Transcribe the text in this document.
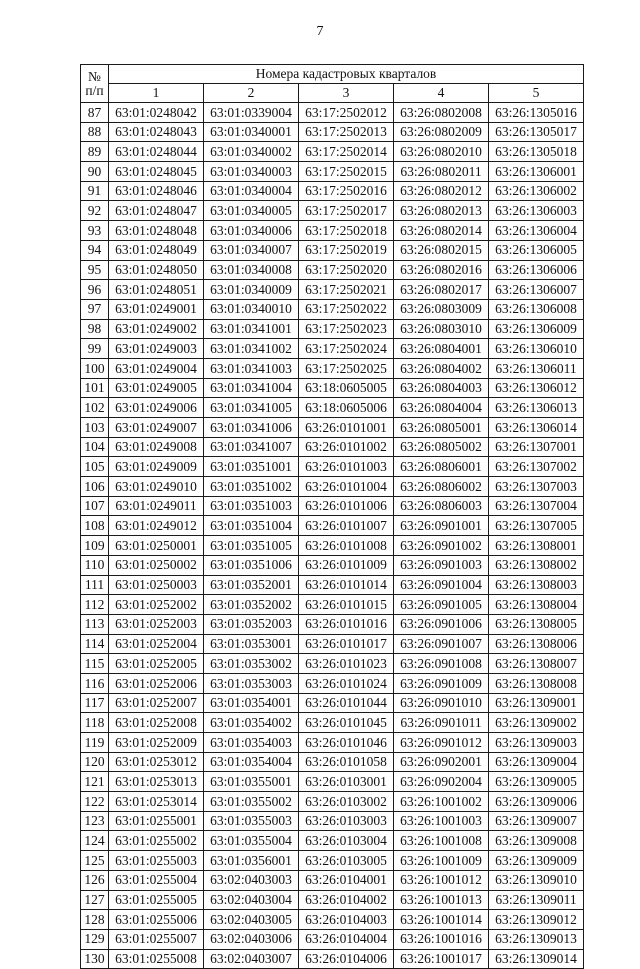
7
№
п/п	Номера кадастровых кварталов				
	1	2	3	4	5
87	63:01:0248042	63:01:0339004	63:17:2502012	63:26:0802008	63:26:1305016
88	63:01:0248043	63:01:0340001	63:17:2502013	63:26:0802009	63:26:1305017
89	63:01:0248044	63:01:0340002	63:17:2502014	63:26:0802010	63:26:1305018
90	63:01:0248045	63:01:0340003	63:17:2502015	63:26:0802011	63:26:1306001
91	63:01:0248046	63:01:0340004	63:17:2502016	63:26:0802012	63:26:1306002
92	63:01:0248047	63:01:0340005	63:17:2502017	63:26:0802013	63:26:1306003
93	63:01:0248048	63:01:0340006	63:17:2502018	63:26:0802014	63:26:1306004
94	63:01:0248049	63:01:0340007	63:17:2502019	63:26:0802015	63:26:1306005
95	63:01:0248050	63:01:0340008	63:17:2502020	63:26:0802016	63:26:1306006
96	63:01:0248051	63:01:0340009	63:17:2502021	63:26:0802017	63:26:1306007
97	63:01:0249001	63:01:0340010	63:17:2502022	63:26:0803009	63:26:1306008
98	63:01:0249002	63:01:0341001	63:17:2502023	63:26:0803010	63:26:1306009
99	63:01:0249003	63:01:0341002	63:17:2502024	63:26:0804001	63:26:1306010
100	63:01:0249004	63:01:0341003	63:17:2502025	63:26:0804002	63:26:1306011
101	63:01:0249005	63:01:0341004	63:18:0605005	63:26:0804003	63:26:1306012
102	63:01:0249006	63:01:0341005	63:18:0605006	63:26:0804004	63:26:1306013
103	63:01:0249007	63:01:0341006	63:26:0101001	63:26:0805001	63:26:1306014
104	63:01:0249008	63:01:0341007	63:26:0101002	63:26:0805002	63:26:1307001
105	63:01:0249009	63:01:0351001	63:26:0101003	63:26:0806001	63:26:1307002
106	63:01:0249010	63:01:0351002	63:26:0101004	63:26:0806002	63:26:1307003
107	63:01:0249011	63:01:0351003	63:26:0101006	63:26:0806003	63:26:1307004
108	63:01:0249012	63:01:0351004	63:26:0101007	63:26:0901001	63:26:1307005
109	63:01:0250001	63:01:0351005	63:26:0101008	63:26:0901002	63:26:1308001
110	63:01:0250002	63:01:0351006	63:26:0101009	63:26:0901003	63:26:1308002
111	63:01:0250003	63:01:0352001	63:26:0101014	63:26:0901004	63:26:1308003
112	63:01:0252002	63:01:0352002	63:26:0101015	63:26:0901005	63:26:1308004
113	63:01:0252003	63:01:0352003	63:26:0101016	63:26:0901006	63:26:1308005
114	63:01:0252004	63:01:0353001	63:26:0101017	63:26:0901007	63:26:1308006
115	63:01:0252005	63:01:0353002	63:26:0101023	63:26:0901008	63:26:1308007
116	63:01:0252006	63:01:0353003	63:26:0101024	63:26:0901009	63:26:1308008
117	63:01:0252007	63:01:0354001	63:26:0101044	63:26:0901010	63:26:1309001
118	63:01:0252008	63:01:0354002	63:26:0101045	63:26:0901011	63:26:1309002
119	63:01:0252009	63:01:0354003	63:26:0101046	63:26:0901012	63:26:1309003
120	63:01:0253012	63:01:0354004	63:26:0101058	63:26:0902001	63:26:1309004
121	63:01:0253013	63:01:0355001	63:26:0103001	63:26:0902004	63:26:1309005
122	63:01:0253014	63:01:0355002	63:26:0103002	63:26:1001002	63:26:1309006
123	63:01:0255001	63:01:0355003	63:26:0103003	63:26:1001003	63:26:1309007
124	63:01:0255002	63:01:0355004	63:26:0103004	63:26:1001008	63:26:1309008
125	63:01:0255003	63:01:0356001	63:26:0103005	63:26:1001009	63:26:1309009
126	63:01:0255004	63:02:0403003	63:26:0104001	63:26:1001012	63:26:1309010
127	63:01:0255005	63:02:0403004	63:26:0104002	63:26:1001013	63:26:1309011
128	63:01:0255006	63:02:0403005	63:26:0104003	63:26:1001014	63:26:1309012
129	63:01:0255007	63:02:0403006	63:26:0104004	63:26:1001016	63:26:1309013
130	63:01:0255008	63:02:0403007	63:26:0104006	63:26:1001017	63:26:1309014
